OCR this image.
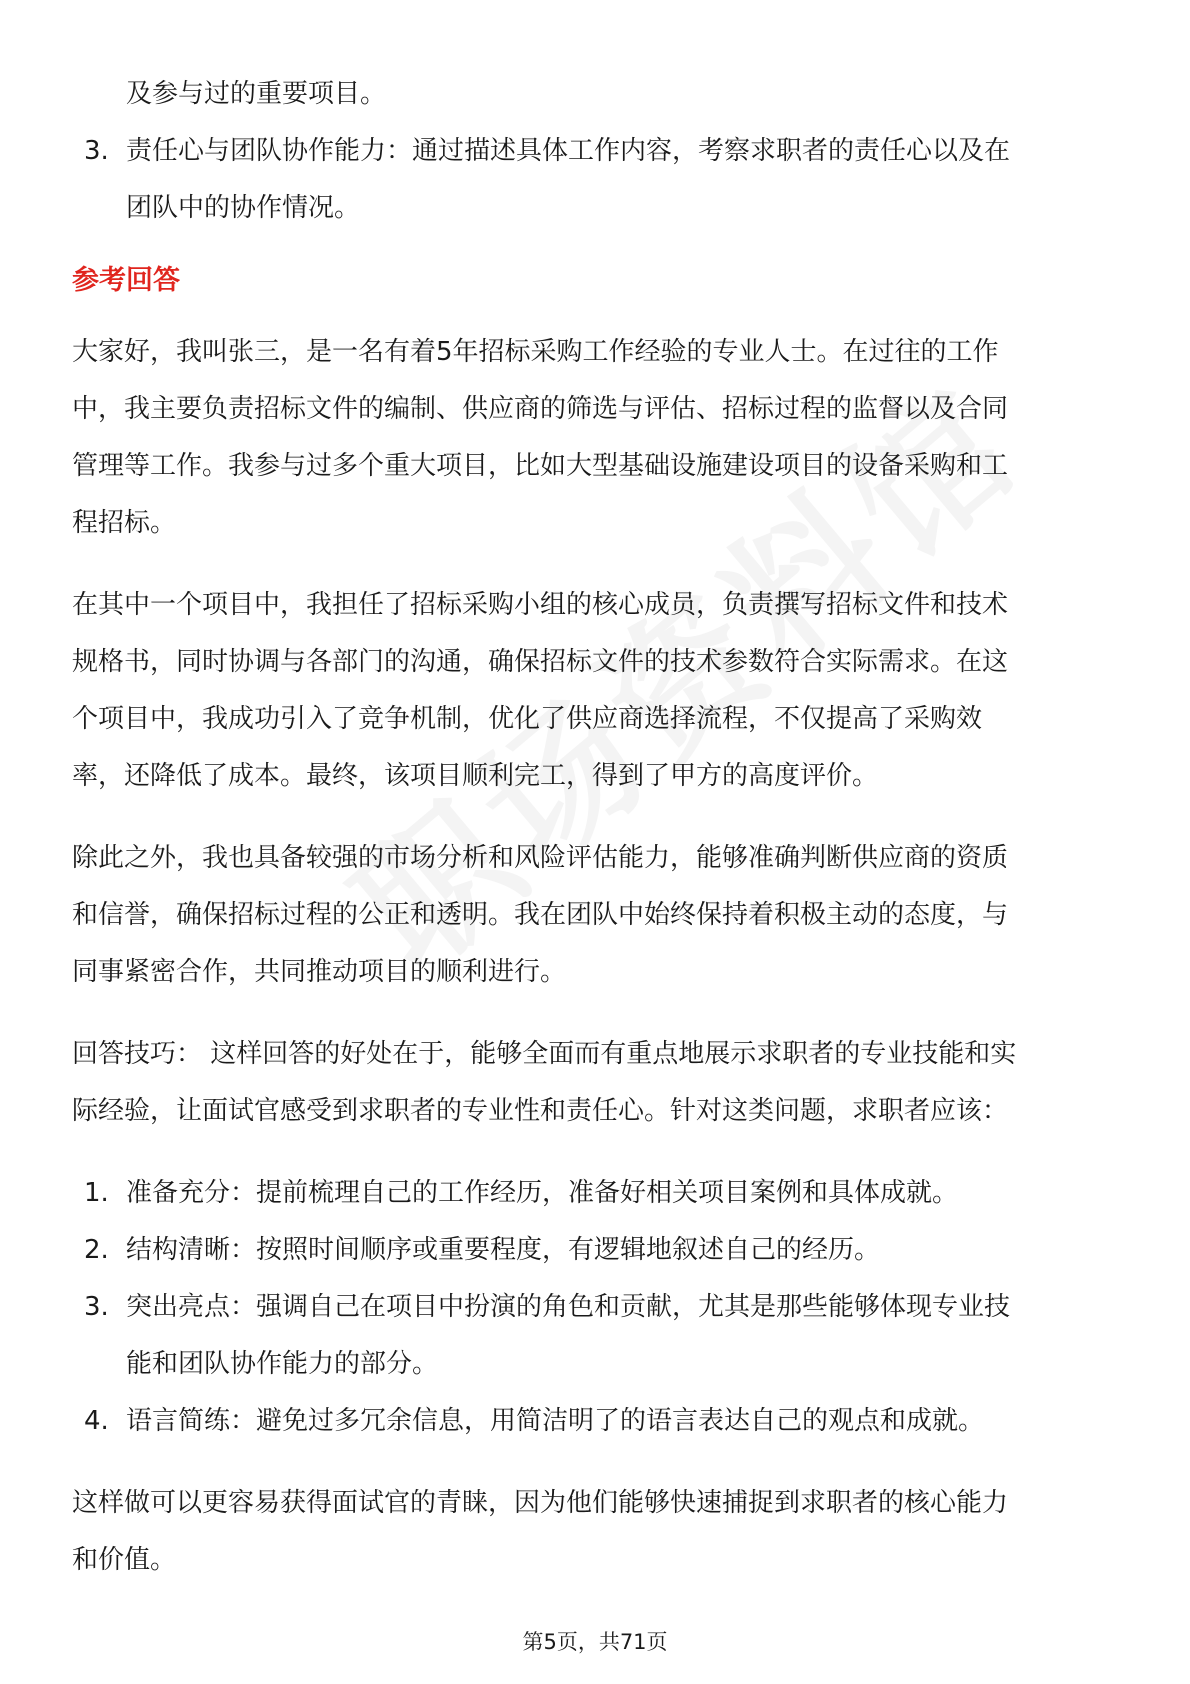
及参与过的重要项目。
3. 责任心与团队协作能力：通过描述具体工作内容，考察求职者的责任心以及在
团队中的协作情况。
参考回答
大家好，我叫张三，是一名有着5年招标采购工作经验的专业人士。在过往的工作
中，我主要负责招标文件的编制、供应商的筛选与评估、招标过程的监督以及合同
管理等工作。我参与过多个重大项目，比如大型基础设施建设项目的设备采购和工
程招标。
在其中一个项目中，我担任了招标采购小组的核心成员，负责撰写招标文件和技术
规格书，同时协调与各部门的沟通，确保招标文件的技术参数符合实际需求。在这
个项目中，我成功引入了竞争机制，优化了供应商选择流程，不仅提高了采购效
率，还降低了成本。最终，该项目顺利完工，得到了甲方的高度评价。
除此之外，我也具备较强的市场分析和风险评估能力，能够准确判断供应商的资质
和信誉，确保招标过程的公正和透明。我在团队中始终保持着积极主动的态度，与
同事紧密合作，共同推动项目的顺利进行。
回答技巧： 这样回答的好处在于，能够全面而有重点地展示求职者的专业技能和实
际经验，让面试官感受到求职者的专业性和责任心。针对这类问题，求职者应该：
1. 准备充分：提前梳理自己的工作经历，准备好相关项目案例和具体成就。
2. 结构清晰：按照时间顺序或重要程度，有逻辑地叙述自己的经历。
3. 突出亮点：强调自己在项目中扮演的角色和贡献，尤其是那些能够体现专业技
能和团队协作能力的部分。
4. 语言简练：避免过多冗余信息，用简洁明了的语言表达自己的观点和成就。
这样做可以更容易获得面试官的青睐，因为他们能够快速捕捉到求职者的核心能力
和价值。
第5页，共71页
